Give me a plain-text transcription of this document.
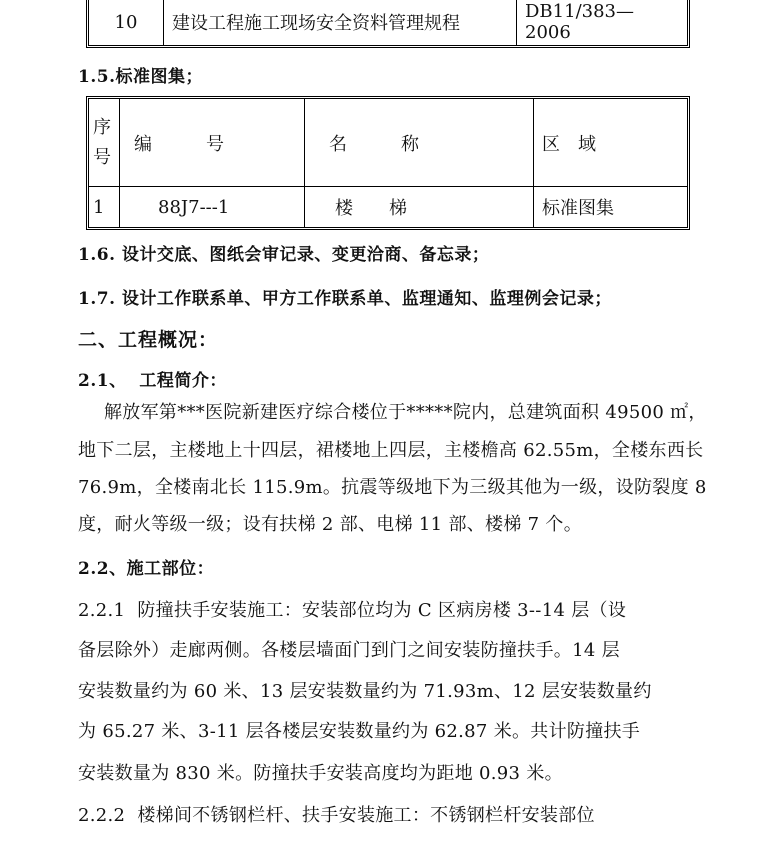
10	建设工程施工现场安全资料管理规程	DB11/383—2006
1.5.标准图集；
序号	编　　　号	名　　　称	区　域
1	88J7---1	楼　　梯	标准图集
1.6. 设计交底、图纸会审记录、变更洽商、备忘录；
1.7. 设计工作联系单、甲方工作联系单、监理通知、监理例会记录；
二、工程概况：
2.1、  工程简介：
解放军第***医院新建医疗综合楼位于*****院内，总建筑面积 49500 ㎡，
地下二层，主楼地上十四层，裙楼地上四层，主楼檐高 62.55m，全楼东西长
76.9m，全楼南北长 115.9m。抗震等级地下为三级其他为一级，设防裂度 8
度，耐火等级一级；设有扶梯 2 部、电梯 11 部、楼梯 7 个。
2.2、施工部位：
2.2.1  防撞扶手安装施工：安装部位均为 C 区病房楼 3--14 层（设
备层除外）走廊两侧。各楼层墙面门到门之间安装防撞扶手。14 层
安装数量约为 60 米、13 层安装数量约为 71.93m、12 层安装数量约
为 65.27 米、3-11 层各楼层安装数量约为 62.87 米。共计防撞扶手
安装数量为 830 米。防撞扶手安装高度均为距地 0.93 米。
2.2.2  楼梯间不锈钢栏杆、扶手安装施工：不锈钢栏杆安装部位
